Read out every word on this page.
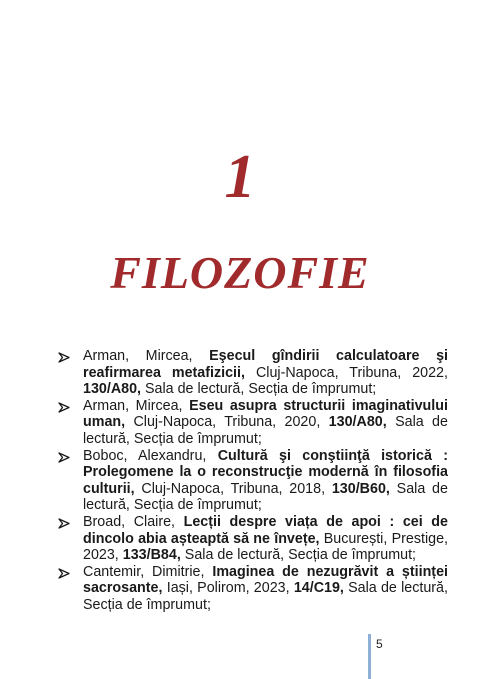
1
FILOZOFIE
Arman, Mircea, Eşecul gîndirii calculatoare şi reafirmarea metafizicii, Cluj-Napoca, Tribuna, 2022, 130/A80, Sala de lectură, Secția de împrumut;
Arman, Mircea, Eseu asupra structurii imaginativului uman, Cluj-Napoca, Tribuna, 2020, 130/A80, Sala de lectură, Secția de împrumut;
Boboc, Alexandru, Cultură şi conştiinţă istorică : Prolegomene la o reconstrucţie modernă în filosofia culturii, Cluj-Napoca, Tribuna, 2018, 130/B60, Sala de lectură, Secția de împrumut;
Broad, Claire, Lecții despre viața de apoi : cei de dincolo abia așteaptă să ne învețe, București, Prestige, 2023, 133/B84, Sala de lectură, Secția de împrumut;
Cantemir, Dimitrie, Imaginea de nezugrăvit a științei sacrosante, Iași, Polirom, 2023, 14/C19, Sala de lectură, Secția de împrumut;
5
